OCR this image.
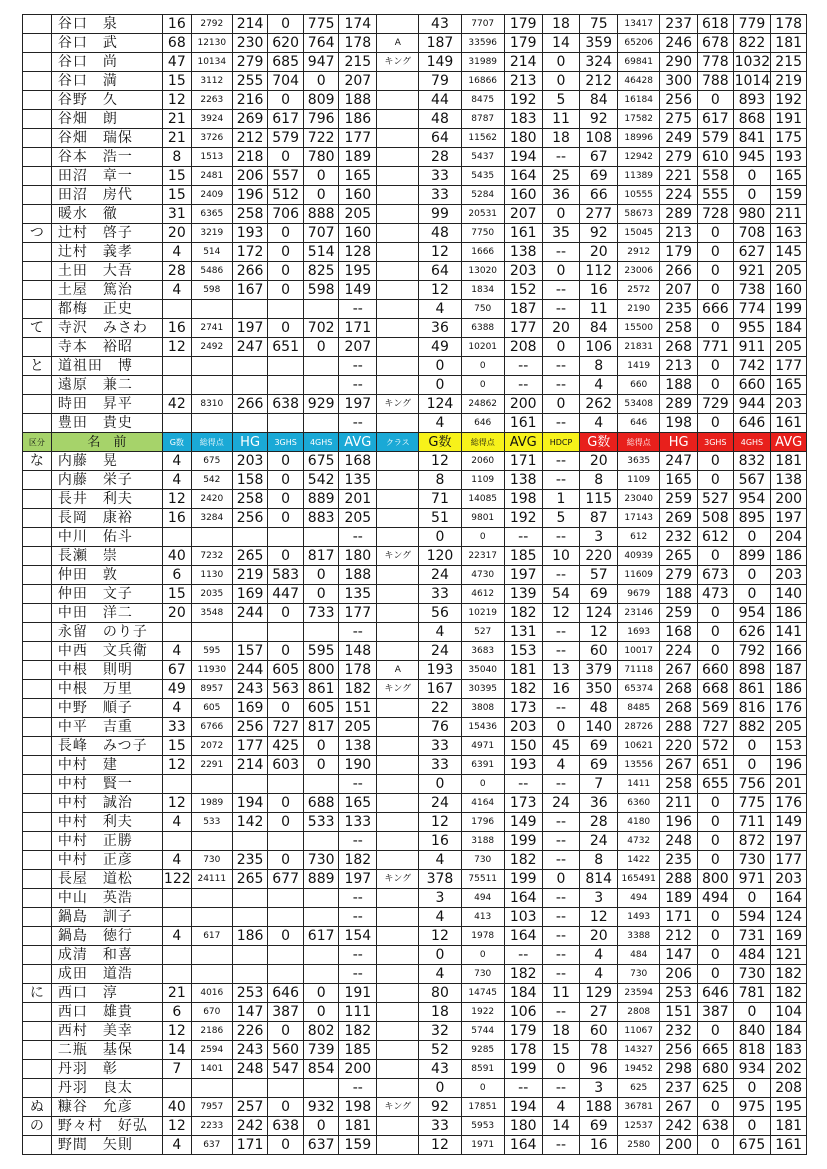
	谷口　泉	16	2792	214	0	775	174		43	7707	179	18	75	13417	237	618	779	178
	谷口　武	68	12130	230	620	764	178	A	187	33596	179	14	359	65206	246	678	822	181
	谷口　尚	47	10134	279	685	947	215	キング	149	31989	214	0	324	69841	290	778	1032	215
	谷口　満	15	3112	255	704	0	207		79	16866	213	0	212	46428	300	788	1014	219
	谷野　久	12	2263	216	0	809	188		44	8475	192	5	84	16184	256	0	893	192
	谷畑　朗	21	3924	269	617	796	186		48	8787	183	11	92	17582	275	617	868	191
	谷畑　瑞保	21	3726	212	579	722	177		64	11562	180	18	108	18996	249	579	841	175
	谷本　浩一	8	1513	218	0	780	189		28	5437	194	--	67	12942	279	610	945	193
	田沼　章一	15	2481	206	557	0	165		33	5435	164	25	69	11389	221	558	0	165
	田沼　房代	15	2409	196	512	0	160		33	5284	160	36	66	10555	224	555	0	159
	暖水　徹	31	6365	258	706	888	205		99	20531	207	0	277	58673	289	728	980	211
つ	辻村　啓子	20	3219	193	0	707	160		48	7750	161	35	92	15045	213	0	708	163
	辻村　義孝	4	514	172	0	514	128		12	1666	138	--	20	2912	179	0	627	145
	土田　大吾	28	5486	266	0	825	195		64	13020	203	0	112	23006	266	0	921	205
	土屋　篤治	4	598	167	0	598	149		12	1834	152	--	16	2572	207	0	738	160
	都梅　正史						--		4	750	187	--	11	2190	235	666	774	199
て	寺沢　みさわ	16	2741	197	0	702	171		36	6388	177	20	84	15500	258	0	955	184
	寺本　裕昭	12	2492	247	651	0	207		49	10201	208	0	106	21831	268	771	911	205
と	道祖田　博						--		0	0	--	--	8	1419	213	0	742	177
	遠原　兼二						--		0	0	--	--	4	660	188	0	660	165
	時田　昇平	42	8310	266	638	929	197	キング	124	24862	200	0	262	53408	289	729	944	203
	豊田　貴史						--		4	646	161	--	4	646	198	0	646	161
区分	名　前	G数	総得点	HG	3GHS	4GHS	AVG	クラス	G数	総得点	AVG	HDCP	G数	総得点	HG	3GHS	4GHS	AVG
な	内藤　晃	4	675	203	0	675	168		12	2060	171	--	20	3635	247	0	832	181
	内藤　栄子	4	542	158	0	542	135		8	1109	138	--	8	1109	165	0	567	138
	長井　利夫	12	2420	258	0	889	201		71	14085	198	1	115	23040	259	527	954	200
	長岡　康裕	16	3284	256	0	883	205		51	9801	192	5	87	17143	269	508	895	197
	中川　佑斗						--		0	0	--	--	3	612	232	612	0	204
	長瀬　崇	40	7232	265	0	817	180	キング	120	22317	185	10	220	40939	265	0	899	186
	仲田　敦	6	1130	219	583	0	188		24	4730	197	--	57	11609	279	673	0	203
	仲田　文子	15	2035	169	447	0	135		33	4612	139	54	69	9679	188	473	0	140
	中田　洋二	20	3548	244	0	733	177		56	10219	182	12	124	23146	259	0	954	186
	永留　のり子						--		4	527	131	--	12	1693	168	0	626	141
	中西　文兵衛	4	595	157	0	595	148		24	3683	153	--	60	10017	224	0	792	166
	中根　則明	67	11930	244	605	800	178	A	193	35040	181	13	379	71118	267	660	898	187
	中根　万里	49	8957	243	563	861	182	キング	167	30395	182	16	350	65374	268	668	861	186
	中野　順子	4	605	169	0	605	151		22	3808	173	--	48	8485	268	569	816	176
	中平　吉重	33	6766	256	727	817	205		76	15436	203	0	140	28726	288	727	882	205
	長峰　みつ子	15	2072	177	425	0	138		33	4971	150	45	69	10621	220	572	0	153
	中村　建	12	2291	214	603	0	190		33	6391	193	4	69	13556	267	651	0	196
	中村　賢一						--		0	0	--	--	7	1411	258	655	756	201
	中村　誠治	12	1989	194	0	688	165		24	4164	173	24	36	6360	211	0	775	176
	中村　利夫	4	533	142	0	533	133		12	1796	149	--	28	4180	196	0	711	149
	中村　正勝						--		16	3188	199	--	24	4732	248	0	872	197
	中村　正彦	4	730	235	0	730	182		4	730	182	--	8	1422	235	0	730	177
	長屋　道松	122	24111	265	677	889	197	キング	378	75511	199	0	814	165491	288	800	971	203
	中山　英浩						--		3	494	164	--	3	494	189	494	0	164
	鍋島　訓子						--		4	413	103	--	12	1493	171	0	594	124
	鍋島　徳行	4	617	186	0	617	154		12	1978	164	--	20	3388	212	0	731	169
	成清　和喜						--		0	0	--	--	4	484	147	0	484	121
	成田　道浩						--		4	730	182	--	4	730	206	0	730	182
に	西口　淳	21	4016	253	646	0	191		80	14745	184	11	129	23594	253	646	781	182
	西口　雄貴	6	670	147	387	0	111		18	1922	106	--	27	2808	151	387	0	104
	西村　美幸	12	2186	226	0	802	182		32	5744	179	18	60	11067	232	0	840	184
	二瓶　基保	14	2594	243	560	739	185		52	9285	178	15	78	14327	256	665	818	183
	丹羽　彰	7	1401	248	547	854	200		43	8591	199	0	96	19452	298	680	934	202
	丹羽　良太						--		0	0	--	--	3	625	237	625	0	208
ぬ	糠谷　允彦	40	7957	257	0	932	198	キング	92	17851	194	4	188	36781	267	0	975	195
の	野々村　好弘	12	2233	242	638	0	181		33	5953	180	14	69	12537	242	638	0	181
	野間　矢則	4	637	171	0	637	159		12	1971	164	--	16	2580	200	0	675	161
